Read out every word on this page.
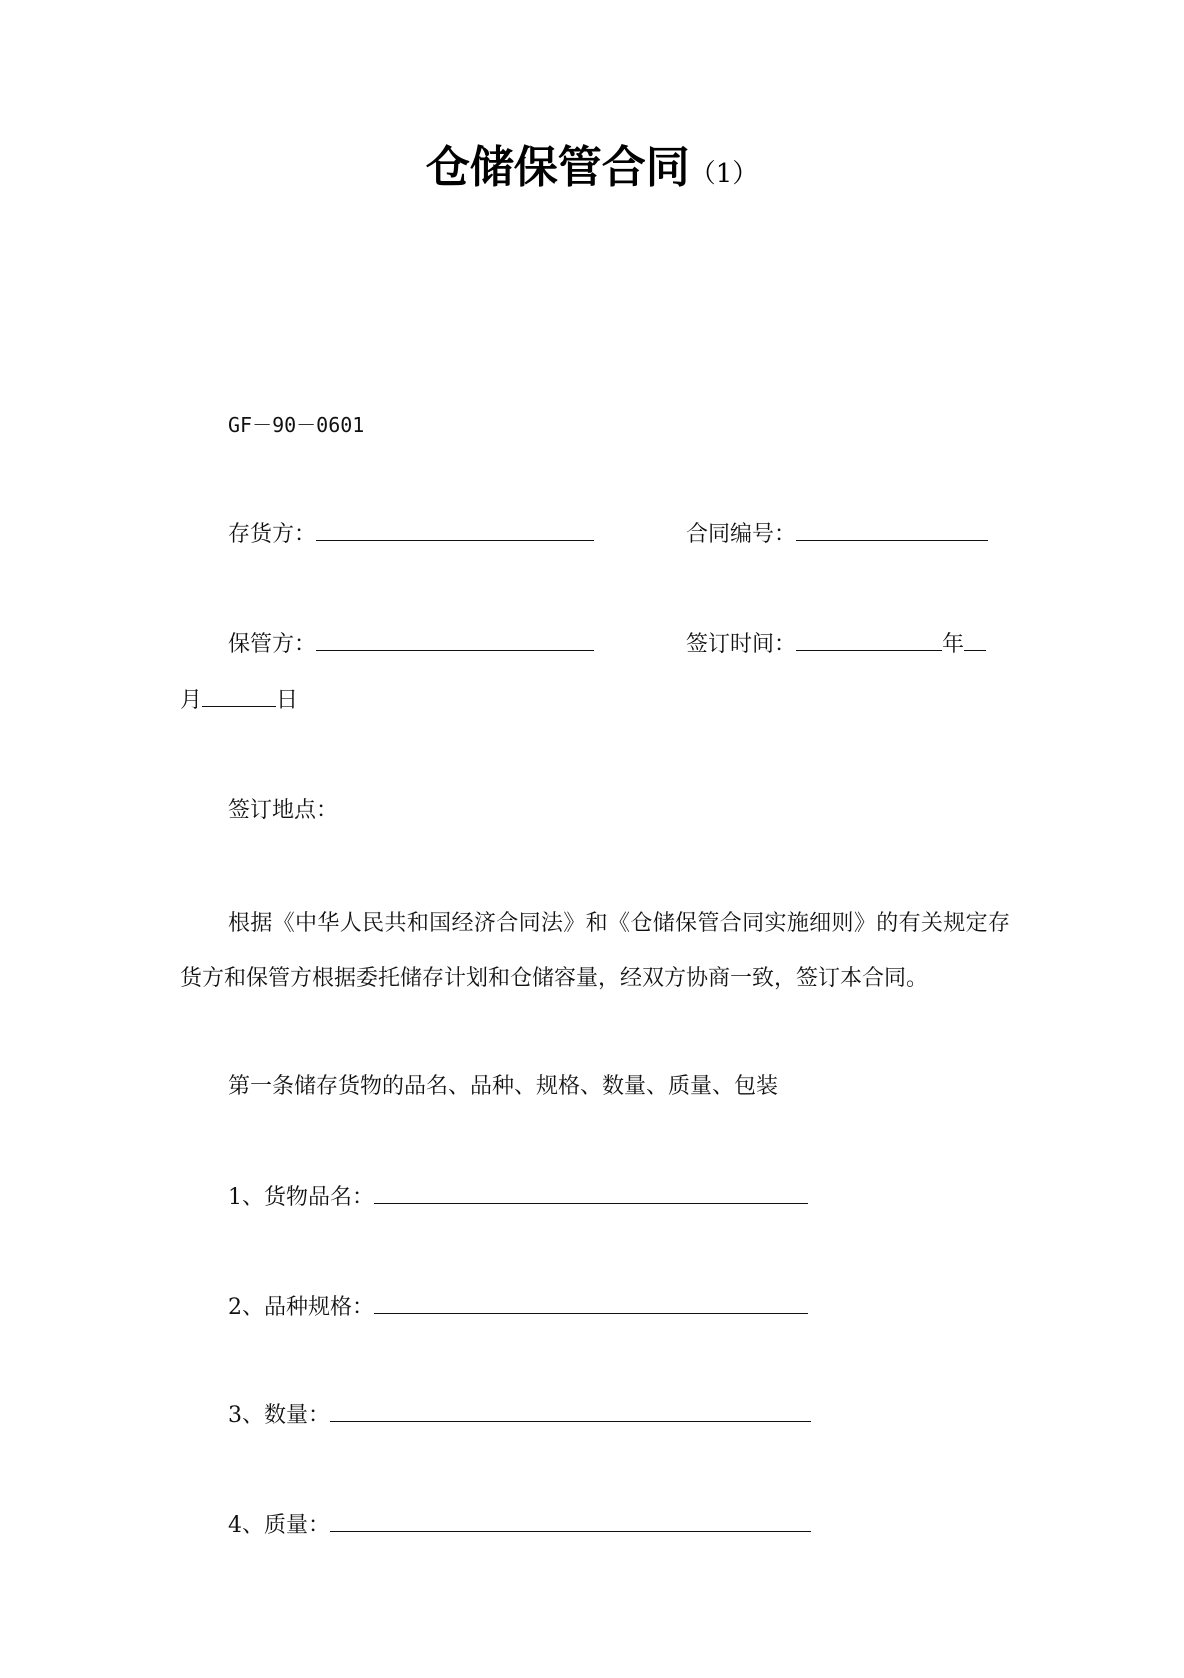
仓储保管合同（1）
GF－90－0601
存货方：	合同编号：
保管方：	签订时间：	年
月	日
签订地点：

根据《中华人民共和国经济合同法》和《仓储保管合同实施细则》的有关规定存货方和保管方根据委托储存计划和仓储容量，经双方协商一致，签订本合同。

第一条储存货物的品名、品种、规格、数量、质量、包装
1、货物品名：
2、品种规格：
3、数量：
4、质量：
